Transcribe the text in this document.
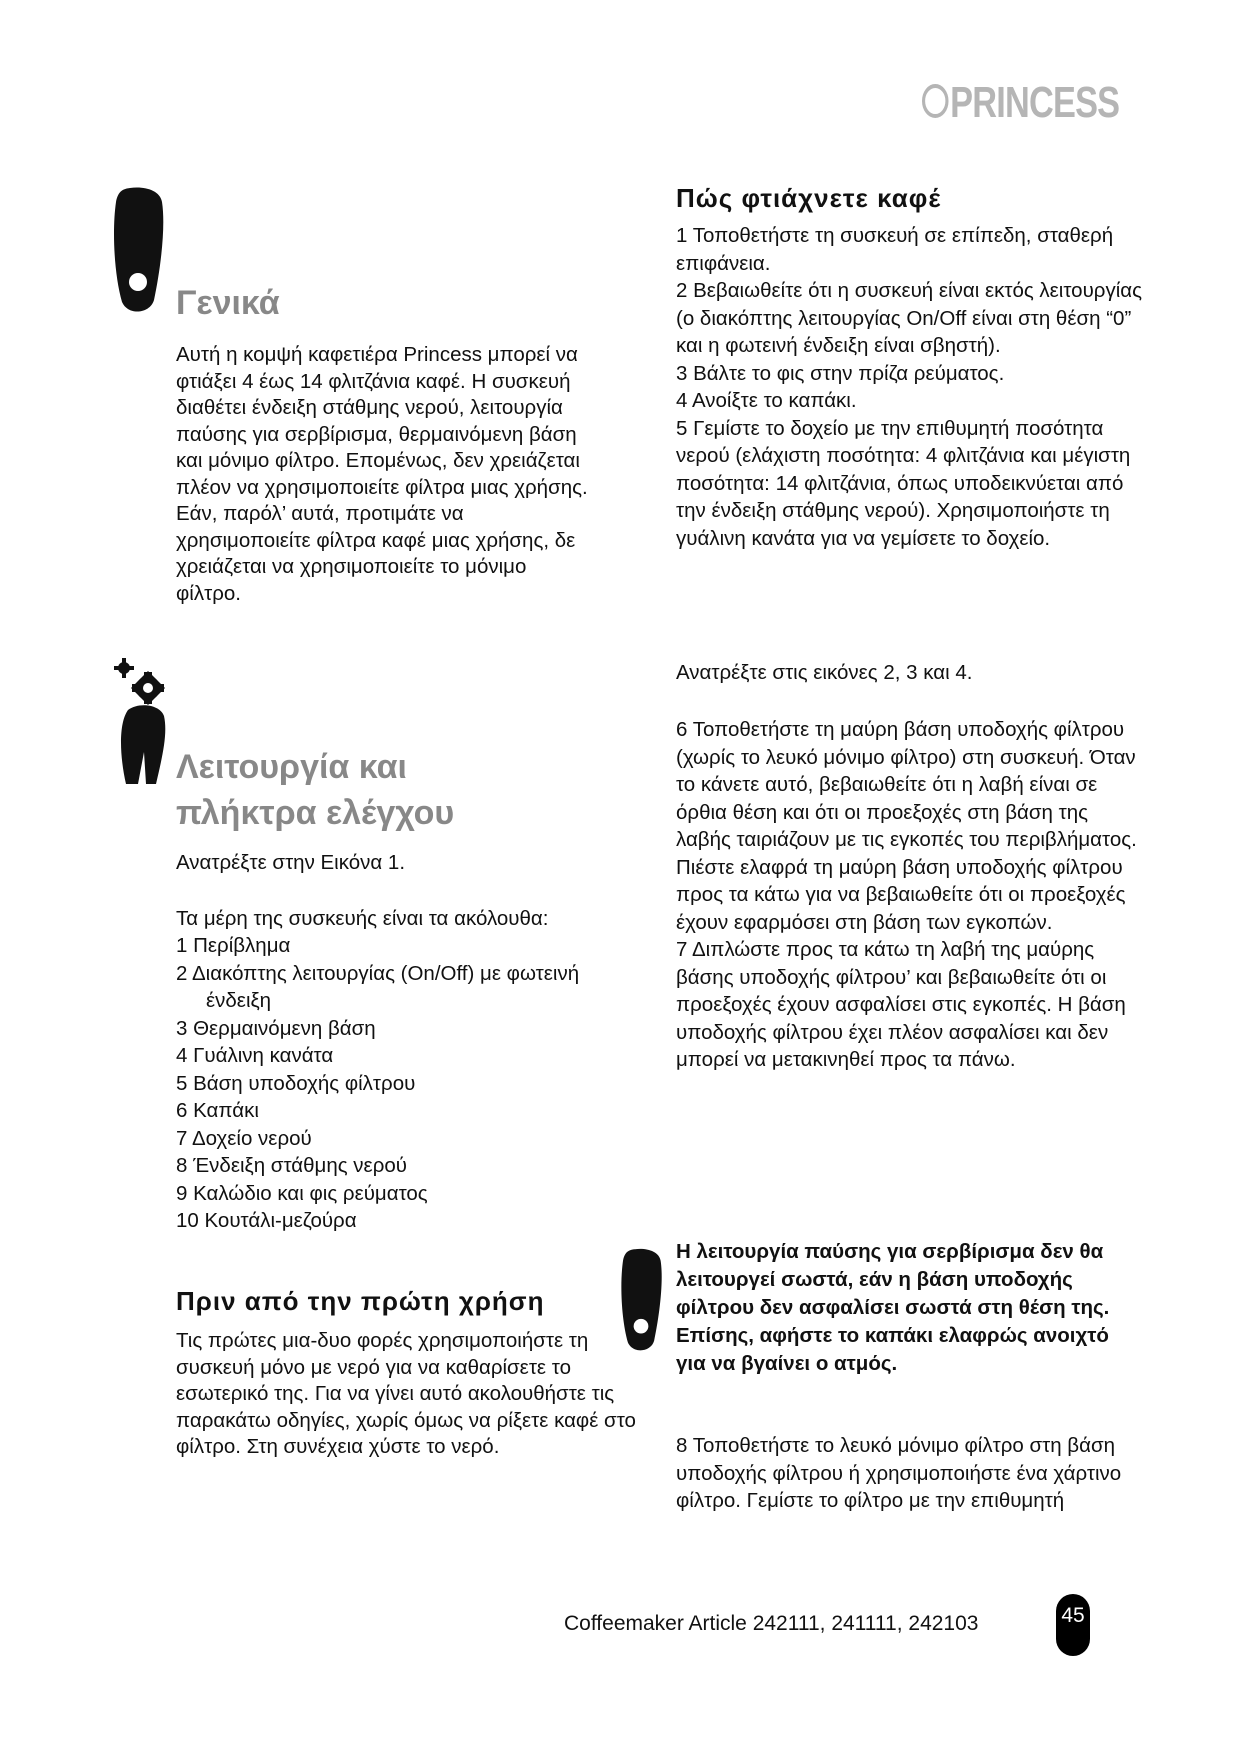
PRINCESS
Γενικά
Αυτή η κομψή καφετιέρα Princess μπορεί να φτιάξει 4 έως 14 φλιτζάνια καφέ. Η συσκευή διαθέτει ένδειξη στάθμης νερού, λειτουργία παύσης για σερβίρισμα, θερμαινόμενη βάση και μόνιμο φίλτρο. Επομένως, δεν χρειάζεται πλέον να χρησιμοποιείτε φίλτρα μιας χρήσης. Εάν, παρόλ’ αυτά, προτιμάτε να χρησιμοποιείτε φίλτρα καφέ μιας χρήσης, δε χρειάζεται να χρησιμοποιείτε το μόνιμο φίλτρο.
Λειτουργία και
πλήκτρα ελέγχου
Ανατρέξτε στην Εικόνα 1.
Τα μέρη της συσκευής είναι τα ακόλουθα:
1 Περίβλημα
2 Διακόπτης λειτουργίας (On/Off) με φωτεινή ένδειξη
3 Θερμαινόμενη βάση
4 Γυάλινη κανάτα
5 Βάση υποδοχής φίλτρου
6 Καπάκι
7 Δοχείο νερού
8 Ένδειξη στάθμης νερού
9 Καλώδιο και φις ρεύματος
10 Κουτάλι-μεζούρα
Πριν από την πρώτη χρήση
Τις πρώτες μια-δυο φορές χρησιμοποιήστε τη συσκευή μόνο με νερό για να καθαρίσετε το εσωτερικό της. Για να γίνει αυτό ακολουθήστε τις παρακάτω οδηγίες, χωρίς όμως να ρίξετε καφέ στο φίλτρο. Στη συνέχεια χύστε το νερό.
Πώς φτιάχνετε καφέ
1 Τοποθετήστε τη συσκευή σε επίπεδη, σταθερή επιφάνεια.
2 Βεβαιωθείτε ότι η συσκευή είναι εκτός λειτουργίας (ο διακόπτης λειτουργίας On/Off είναι στη θέση “0” και η φωτεινή ένδειξη είναι σβηστή).
3 Βάλτε το φις στην πρίζα ρεύματος.
4 Ανοίξτε το καπάκι.
5 Γεμίστε το δοχείο με την επιθυμητή ποσότητα νερού (ελάχιστη ποσότητα: 4 φλιτζάνια και μέγιστη ποσότητα: 14 φλιτζάνια, όπως υποδεικνύεται από την ένδειξη στάθμης νερού). Χρησιμοποιήστε τη γυάλινη κανάτα για να γεμίσετε το δοχείο.
Ανατρέξτε στις εικόνες 2, 3 και 4.
6 Τοποθετήστε τη μαύρη βάση υποδοχής φίλτρου (χωρίς το λευκό μόνιμο φίλτρο) στη συσκευή. Όταν το κάνετε αυτό, βεβαιωθείτε ότι η λαβή είναι σε όρθια θέση και ότι οι προεξοχές στη βάση της λαβής ταιριάζουν με τις εγκοπές του περιβλήματος. Πιέστε ελαφρά τη μαύρη βάση υποδοχής φίλτρου προς τα κάτω για να βεβαιωθείτε ότι οι προεξοχές έχουν εφαρμόσει στη βάση των εγκοπών.
7 Διπλώστε προς τα κάτω τη λαβή της μαύρης βάσης υποδοχής φίλτρου’ και βεβαιωθείτε ότι οι προεξοχές έχουν ασφαλίσει στις εγκοπές. Η βάση υποδοχής φίλτρου έχει πλέον ασφαλίσει και δεν μπορεί να μετακινηθεί προς τα πάνω.
Η λειτουργία παύσης για σερβίρισμα δεν θα λειτουργεί σωστά, εάν η βάση υποδοχής φίλτρου δεν ασφαλίσει σωστά στη θέση της. Επίσης, αφήστε το καπάκι ελαφρώς ανοιχτό για να βγαίνει ο ατμός.
8 Τοποθετήστε το λευκό μόνιμο φίλτρο στη βάση υποδοχής φίλτρου ή χρησιμοποιήστε ένα χάρτινο φίλτρο. Γεμίστε το φίλτρο με την επιθυμητή
Coffeemaker Article 242111, 241111, 242103	45
